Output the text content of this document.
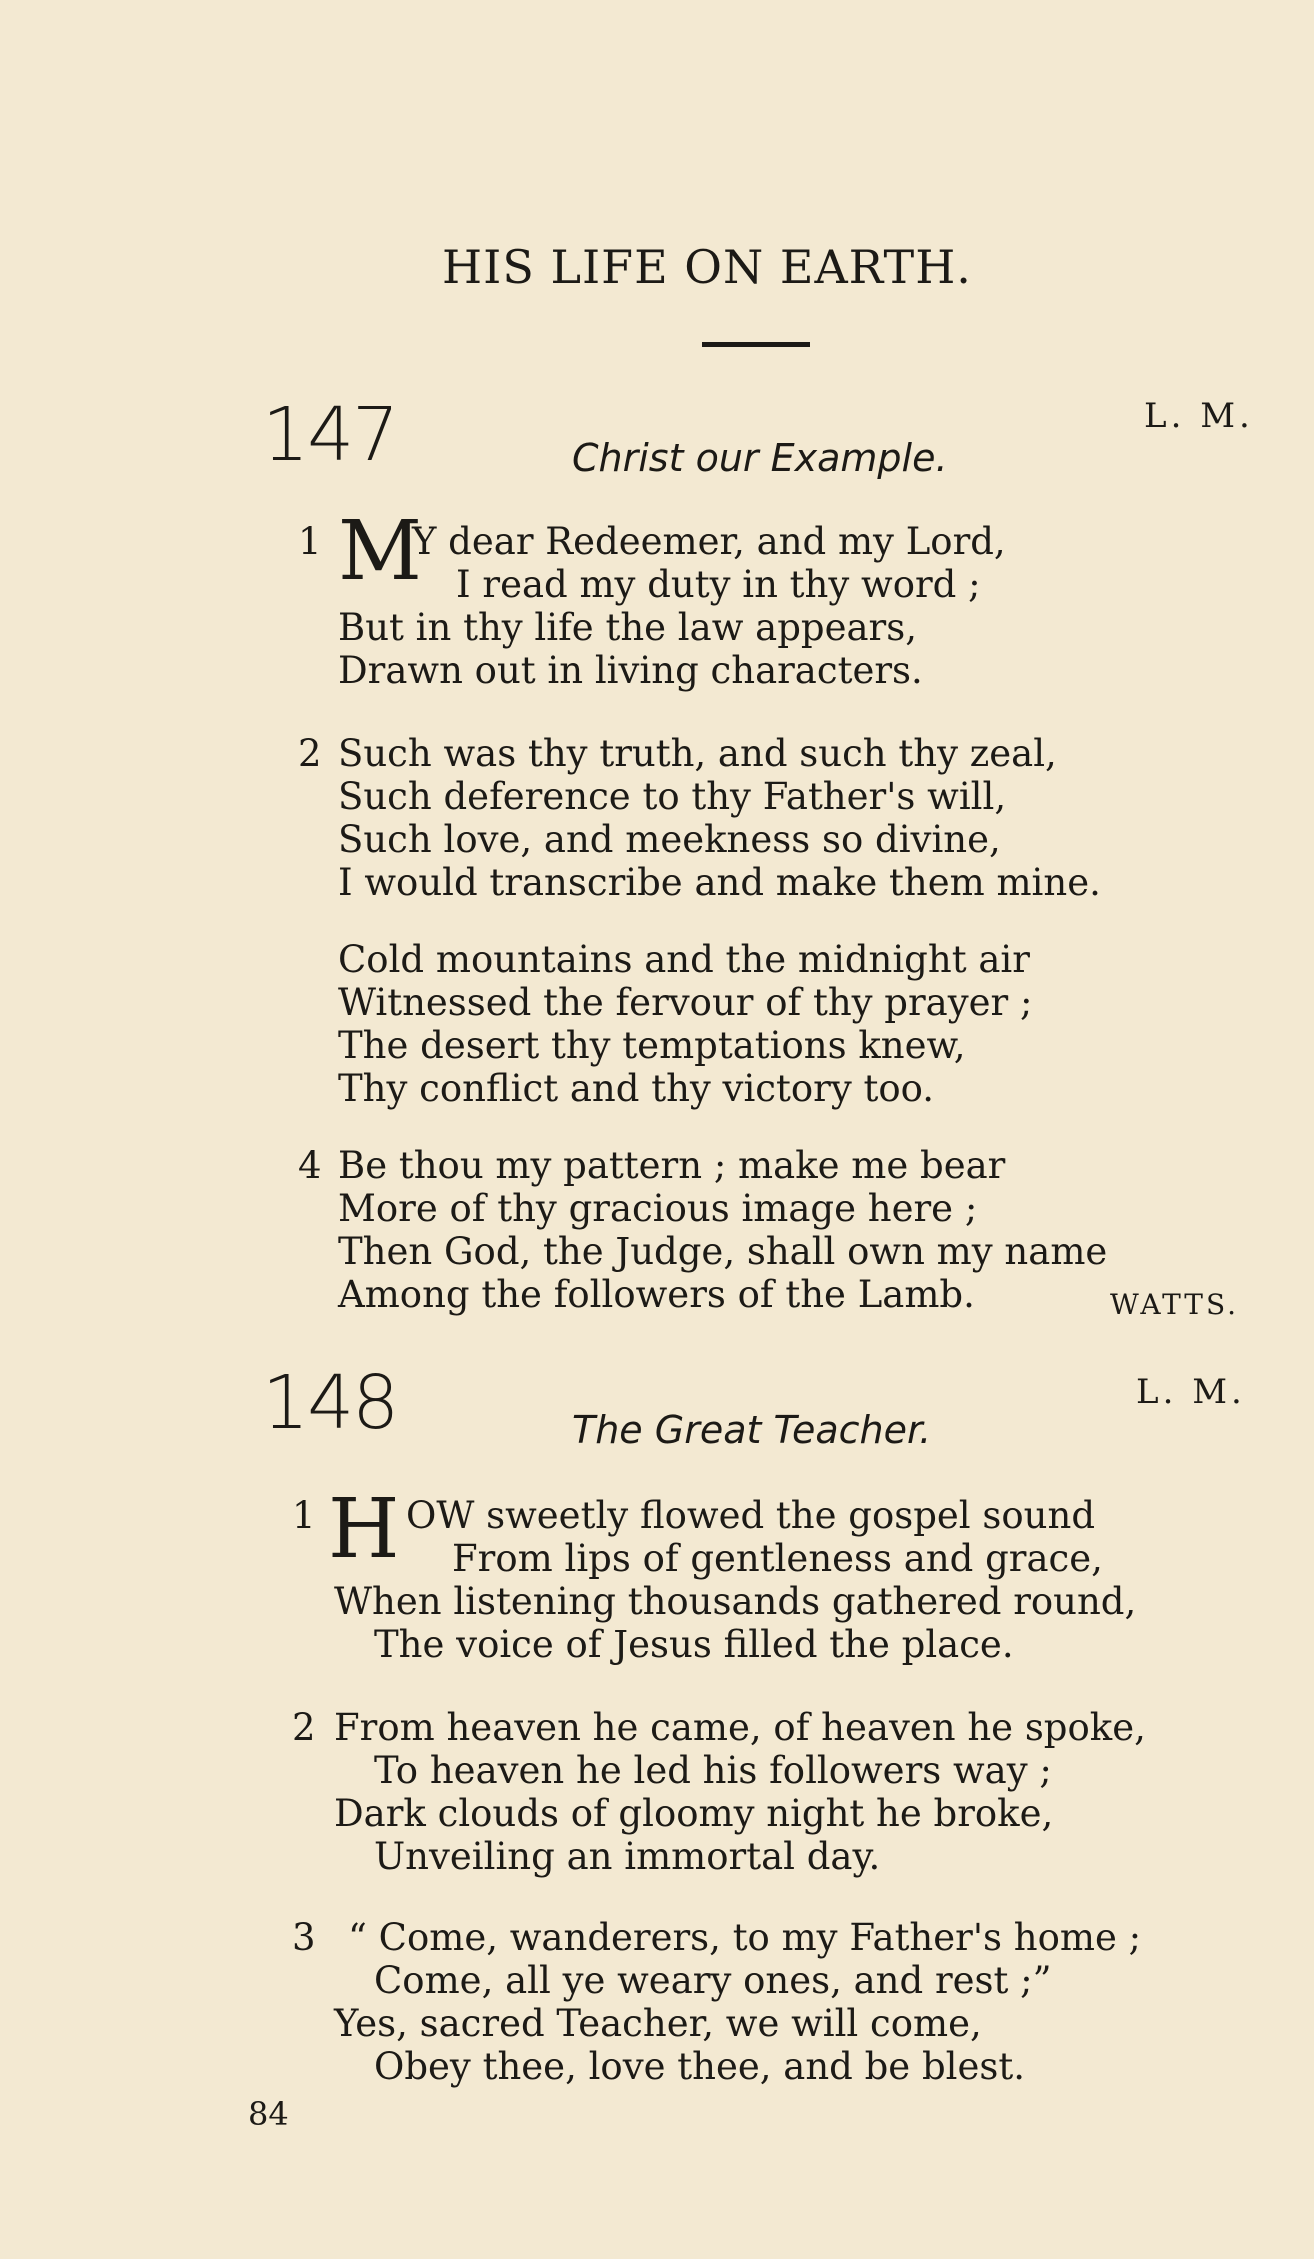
HIS LIFE ON EARTH.
147	L. M.
Christ our Example.
1 M
Y dear Redeemer, and my Lord,
I read my duty in thy word ;
But in thy life the law appears,
Drawn out in living characters.
2 Such was thy truth, and such thy zeal,
Such deference to thy Father's will,
Such love, and meekness so divine,
I would transcribe and make them mine.
Cold mountains and the midnight air
Witnessed the fervour of thy prayer ;
The desert thy temptations knew,
Thy conflict and thy victory too.
4 Be thou my pattern ; make me bear
More of thy gracious image here ;
Then God, the Judge, shall own my name
Among the followers of the Lamb.	WATTS.
148	L. M.
The Great Teacher.
1 H OW sweetly flowed the gospel sound
From lips of gentleness and grace,
When listening thousands gathered round,
The voice of Jesus filled the place.
2 From heaven he came, of heaven he spoke,
To heaven he led his followers way ;
Dark clouds of gloomy night he broke,
Unveiling an immortal day.
3 “ Come, wanderers, to my Father's home ;
Come, all ye weary ones, and rest ;”
Yes, sacred Teacher, we will come,
Obey thee, love thee, and be blest.
84
